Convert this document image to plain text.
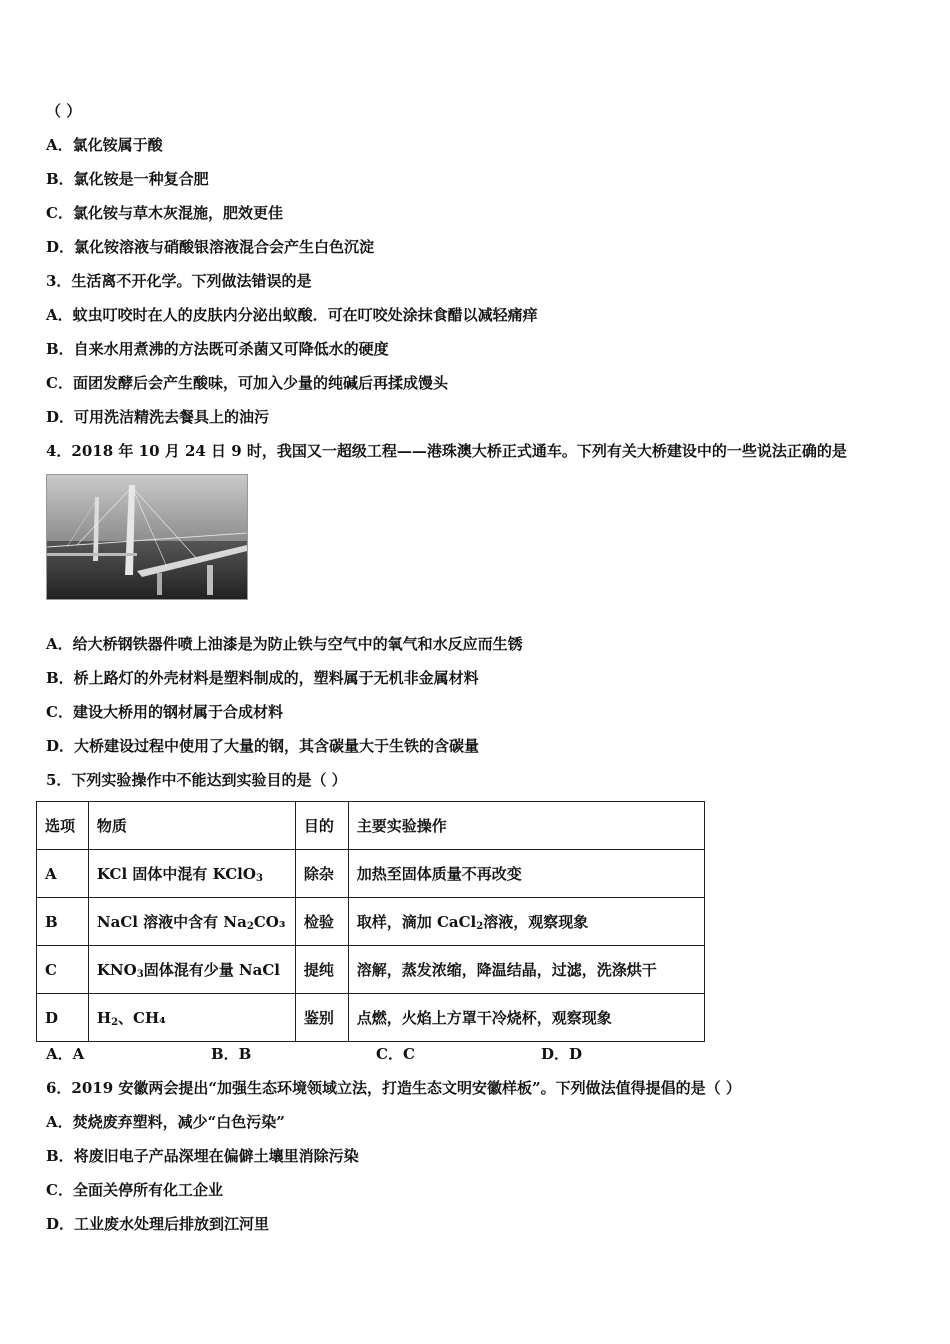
（ ）
A．氯化铵属于酸
B．氯化铵是一种复合肥
C．氯化铵与草木灰混施，肥效更佳
D．氯化铵溶液与硝酸银溶液混合会产生白色沉淀
3．生活离不开化学。下列做法错误的是
A．蚊虫叮咬时在人的皮肤内分泌出蚁酸．可在叮咬处涂抹食醋以减轻痛痒
B．自来水用煮沸的方法既可杀菌又可降低水的硬度
C．面团发酵后会产生酸味，可加入少量的纯碱后再揉成馒头
D．可用洗洁精洗去餐具上的油污
4．2018 年 10 月 24 日 9 时，我国又一超级工程——港珠澳大桥正式通车。下列有关大桥建设中的一些说法正确的是
A．给大桥钢铁器件喷上油漆是为防止铁与空气中的氧气和水反应而生锈
B．桥上路灯的外壳材料是塑料制成的，塑料属于无机非金属材料
C．建设大桥用的钢材属于合成材料
D．大桥建设过程中使用了大量的钢，其含碳量大于生铁的含碳量
5．下列实验操作中不能达到实验目的是（ ）
选项	物质	目的	主要实验操作
A	KCl 固体中混有 KClO$_3$	除杂	加热至固体质量不再改变
B	NaCl 溶液中含有 $Na_2CO_3$	检验	取样，滴加 CaCl$_2$溶液，观察现象
C	$KNO_3$固体混有少量 NaCl	提纯	溶解，蒸发浓缩，降温结晶，过滤，洗涤烘干
D	$H_2$、CH₄	鉴别	点燃，火焰上方罩干冷烧杯，观察现象
A．A	B．B	C．C	D．D
6．2019 安徽两会提出“加强生态环境领域立法，打造生态文明安徽样板”。下列做法值得提倡的是（ ）
A．焚烧废弃塑料，减少“白色污染”
B．将废旧电子产品深埋在偏僻土壤里消除污染
C．全面关停所有化工企业
D．工业废水处理后排放到江河里
